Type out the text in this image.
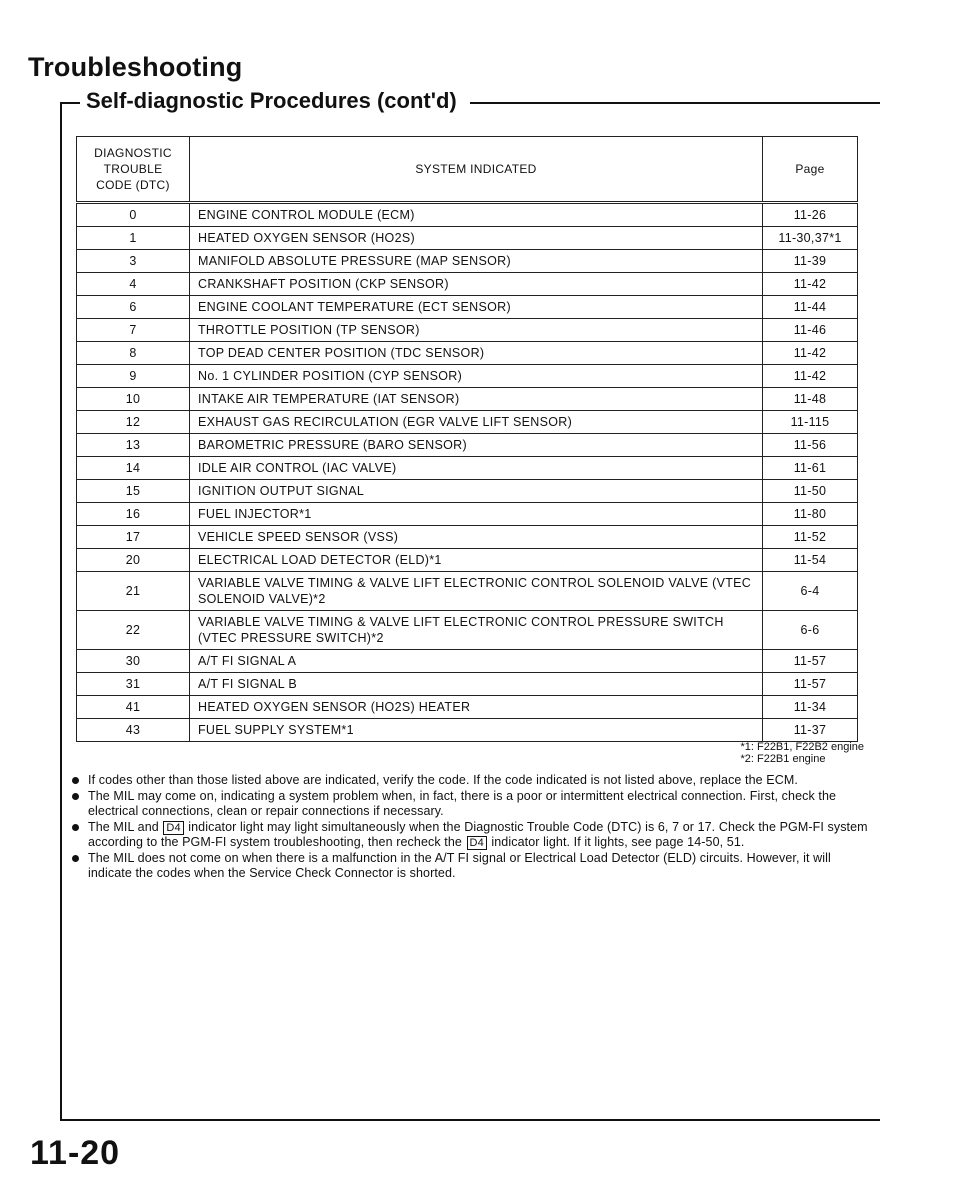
Troubleshooting
Self-diagnostic Procedures (cont'd)
DIAGNOSTIC
TROUBLE
CODE (DTC)	SYSTEM INDICATED	Page
0	ENGINE CONTROL MODULE (ECM)	11-26
1	HEATED OXYGEN SENSOR (HO2S)	11-30,37*1
3	MANIFOLD ABSOLUTE PRESSURE (MAP SENSOR)	11-39
4	CRANKSHAFT POSITION (CKP SENSOR)	11-42
6	ENGINE COOLANT TEMPERATURE (ECT SENSOR)	11-44
7	THROTTLE POSITION (TP SENSOR)	11-46
8	TOP DEAD CENTER POSITION (TDC SENSOR)	11-42
9	No. 1 CYLINDER POSITION (CYP SENSOR)	11-42
10	INTAKE AIR TEMPERATURE (IAT SENSOR)	11-48
12	EXHAUST GAS RECIRCULATION (EGR VALVE LIFT SENSOR)	11-115
13	BAROMETRIC PRESSURE (BARO SENSOR)	11-56
14	IDLE AIR CONTROL (IAC VALVE)	11-61
15	IGNITION OUTPUT SIGNAL	11-50
16	FUEL INJECTOR*1	11-80
17	VEHICLE SPEED SENSOR (VSS)	11-52
20	ELECTRICAL LOAD DETECTOR (ELD)*1	11-54
21	VARIABLE VALVE TIMING & VALVE LIFT ELECTRONIC CONTROL SOLENOID VALVE (VTEC SOLENOID VALVE)*2	6-4
22	VARIABLE VALVE TIMING & VALVE LIFT ELECTRONIC CONTROL PRESSURE SWITCH (VTEC PRESSURE SWITCH)*2	6-6
30	A/T FI SIGNAL A	11-57
31	A/T FI SIGNAL B	11-57
41	HEATED OXYGEN SENSOR (HO2S) HEATER	11-34
43	FUEL SUPPLY SYSTEM*1	11-37
*1: F22B1, F22B2 engine
*2: F22B1 engine

If codes other than those listed above are indicated, verify the code. If the code indicated is not listed above, replace the ECM.

The MIL may come on, indicating a system problem when, in fact, there is a poor or intermittent electrical connection. First, check the electrical connections, clean or repair connections if necessary.

The MIL and D4 indicator light may light simultaneously when the Diagnostic Trouble Code (DTC) is 6, 7 or 17. Check the PGM-FI system according to the PGM-FI system troubleshooting, then recheck the D4 indicator light. If it lights, see page 14-50, 51.

The MIL does not come on when there is a malfunction in the A/T FI signal or Electrical Load Detector (ELD) circuits. However, it will indicate the codes when the Service Check Connector is shorted.

11-20
